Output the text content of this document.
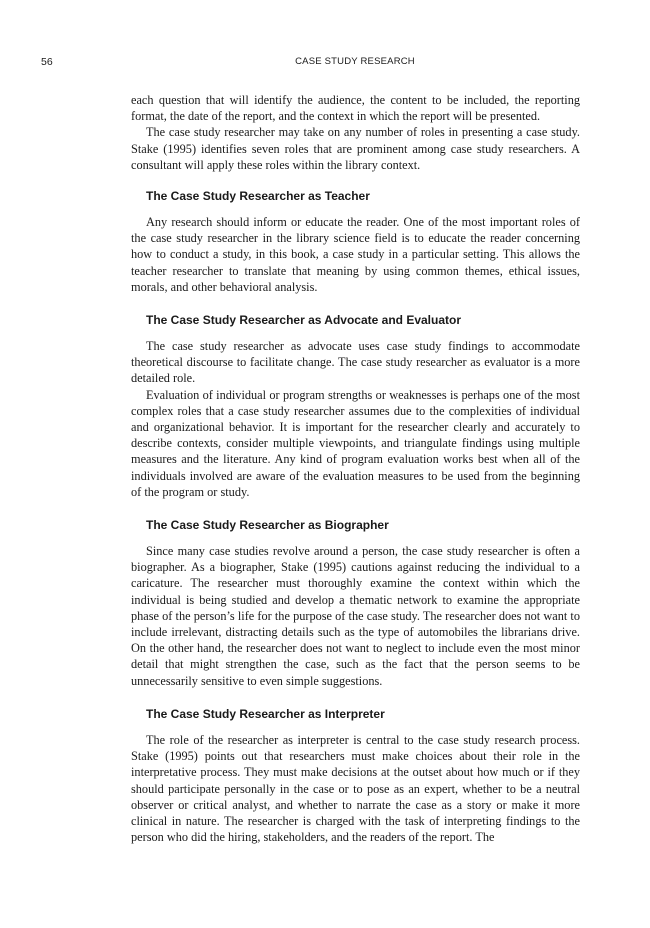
56	CASE STUDY RESEARCH

each question that will identify the audience, the content to be included, the reporting format, the date of the report, and the context in which the report will be presented.

The case study researcher may take on any number of roles in presenting a case study. Stake (1995) identifies seven roles that are prominent among case study researchers. A consultant will apply these roles within the library context.

The Case Study Researcher as Teacher

Any research should inform or educate the reader. One of the most important roles of the case study researcher in the library science field is to educate the reader concerning how to conduct a study, in this book, a case study in a particular setting. This allows the teacher researcher to translate that meaning by using common themes, ethical issues, morals, and other behavioral analysis.

The Case Study Researcher as Advocate and Evaluator

The case study researcher as advocate uses case study findings to accommodate theoretical discourse to facilitate change. The case study researcher as evaluator is a more detailed role.

Evaluation of individual or program strengths or weaknesses is perhaps one of the most complex roles that a case study researcher assumes due to the complexities of individual and organizational behavior. It is important for the researcher clearly and accurately to describe contexts, consider multiple viewpoints, and triangulate findings using multiple measures and the literature. Any kind of program evaluation works best when all of the individuals involved are aware of the evaluation measures to be used from the beginning of the program or study.

The Case Study Researcher as Biographer

Since many case studies revolve around a person, the case study researcher is often a biographer. As a biographer, Stake (1995) cautions against reducing the individual to a caricature. The researcher must thoroughly examine the context within which the individual is being studied and develop a thematic network to examine the appropriate phase of the person’s life for the purpose of the case study. The researcher does not want to include irrelevant, distracting details such as the type of automobiles the librarians drive. On the other hand, the researcher does not want to neglect to include even the most minor detail that might strengthen the case, such as the fact that the person seems to be unnecessarily sensitive to even simple suggestions.

The Case Study Researcher as Interpreter

The role of the researcher as interpreter is central to the case study research process. Stake (1995) points out that researchers must make choices about their role in the interpretative process. They must make decisions at the outset about how much or if they should participate personally in the case or to pose as an expert, whether to be a neutral observer or critical analyst, and whether to narrate the case as a story or make it more clinical in nature. The researcher is charged with the task of interpreting findings to the person who did the hiring, stakeholders, and the readers of the report. The
